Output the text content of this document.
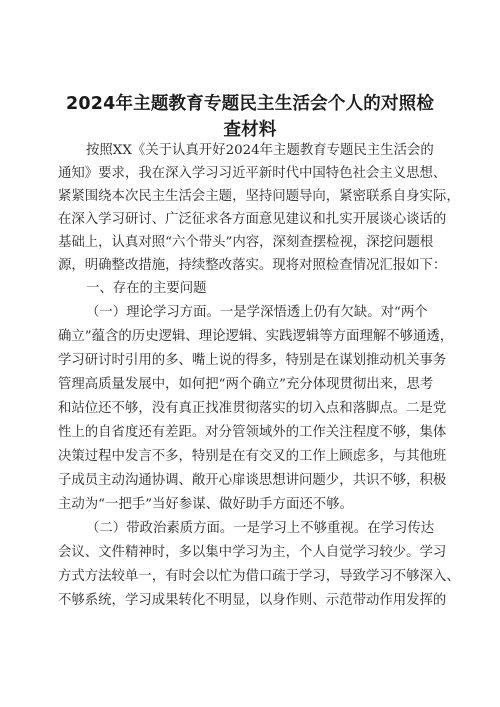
2024年主题教育专题民主生活会个人的对照检
查材料
按照XX《关于认真开好2024年主题教育专题民主生活会的
通知》要求，我在深入学习习近平新时代中国特色社会主义思想、
紧紧围绕本次民主生活会主题，坚持问题导向，紧密联系自身实际，
在深入学习研讨、广泛征求各方面意见建议和扎实开展谈心谈话的
基础上，认真对照“六个带头”内容，深刻查摆检视，深挖问题根
源，明确整改措施，持续整改落实。现将对照检查情况汇报如下：
一、存在的主要问题
（一）理论学习方面。一是学深悟透上仍有欠缺。对“两个
确立”蕴含的历史逻辑、理论逻辑、实践逻辑等方面理解不够通透，
学习研讨时引用的多、嘴上说的得多，特别是在谋划推动机关事务
管理高质量发展中，如何把“两个确立”充分体现贯彻出来，思考
和站位还不够，没有真正找准贯彻落实的切入点和落脚点。二是党
性上的自省度还有差距。对分管领域外的工作关注程度不够，集体
决策过程中发言不多，特别是在有交叉的工作上顾虑多，与其他班
子成员主动沟通协调、敞开心扉谈思想讲问题少，共识不够，积极
主动为“一把手”当好参谋、做好助手方面还不够。
（二）带政治素质方面。一是学习上不够重视。在学习传达
会议、文件精神时，多以集中学习为主，个人自觉学习较少。学习
方式方法较单一，有时会以忙为借口疏于学习，导致学习不够深入、
不够系统，学习成果转化不明显，以身作则、示范带动作用发挥的
